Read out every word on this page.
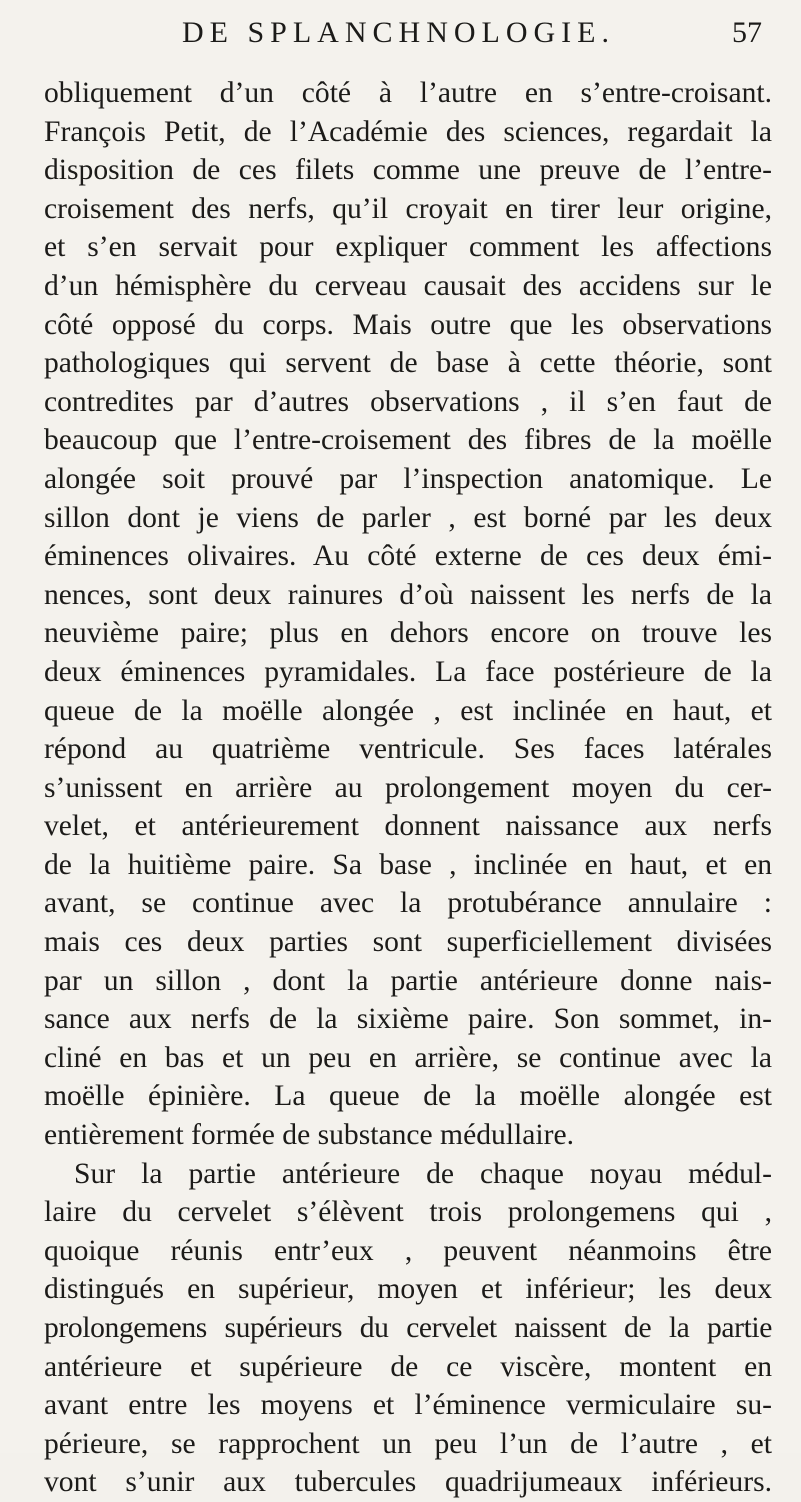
DE SPLANCHNOLOGIE.	57
obliquement d’un côté à l’autre en s’entre-croisant.
François Petit, de l’Académie des sciences, regardait la
disposition de ces filets comme une preuve de l’entre-
croisement des nerfs, qu’il croyait en tirer leur origine,
et s’en servait pour expliquer comment les affections
d’un hémisphère du cerveau causait des accidens sur le
côté opposé du corps. Mais outre que les observations
pathologiques qui servent de base à cette théorie, sont
contredites par d’autres observations , il s’en faut de
beaucoup que l’entre-croisement des fibres de la moëlle
alongée soit prouvé par l’inspection anatomique. Le
sillon dont je viens de parler , est borné par les deux
éminences olivaires. Au côté externe de ces deux émi-
nences, sont deux rainures d’où naissent les nerfs de la
neuvième paire; plus en dehors encore on trouve les
deux éminences pyramidales. La face postérieure de la
queue de la moëlle alongée , est inclinée en haut, et
répond au quatrième ventricule. Ses faces latérales
s’unissent en arrière au prolongement moyen du cer-
velet, et antérieurement donnent naissance aux nerfs
de la huitième paire. Sa base , inclinée en haut, et en
avant, se continue avec la protubérance annulaire :
mais ces deux parties sont superficiellement divisées
par un sillon , dont la partie antérieure donne nais-
sance aux nerfs de la sixième paire. Son sommet, in-
cliné en bas et un peu en arrière, se continue avec la
moëlle épinière. La queue de la moëlle alongée est
entièrement formée de substance médullaire.
Sur la partie antérieure de chaque noyau médul-
laire du cervelet s’élèvent trois prolongemens qui ,
quoique réunis entr’eux , peuvent néanmoins être
distingués en supérieur, moyen et inférieur; les deux
prolongemens supérieurs du cervelet naissent de la partie
antérieure et supérieure de ce viscère, montent en
avant entre les moyens et l’éminence vermiculaire su-
périeure, se rapprochent un peu l’un de l’autre , et
vont s’unir aux tubercules quadrijumeaux inférieurs.
